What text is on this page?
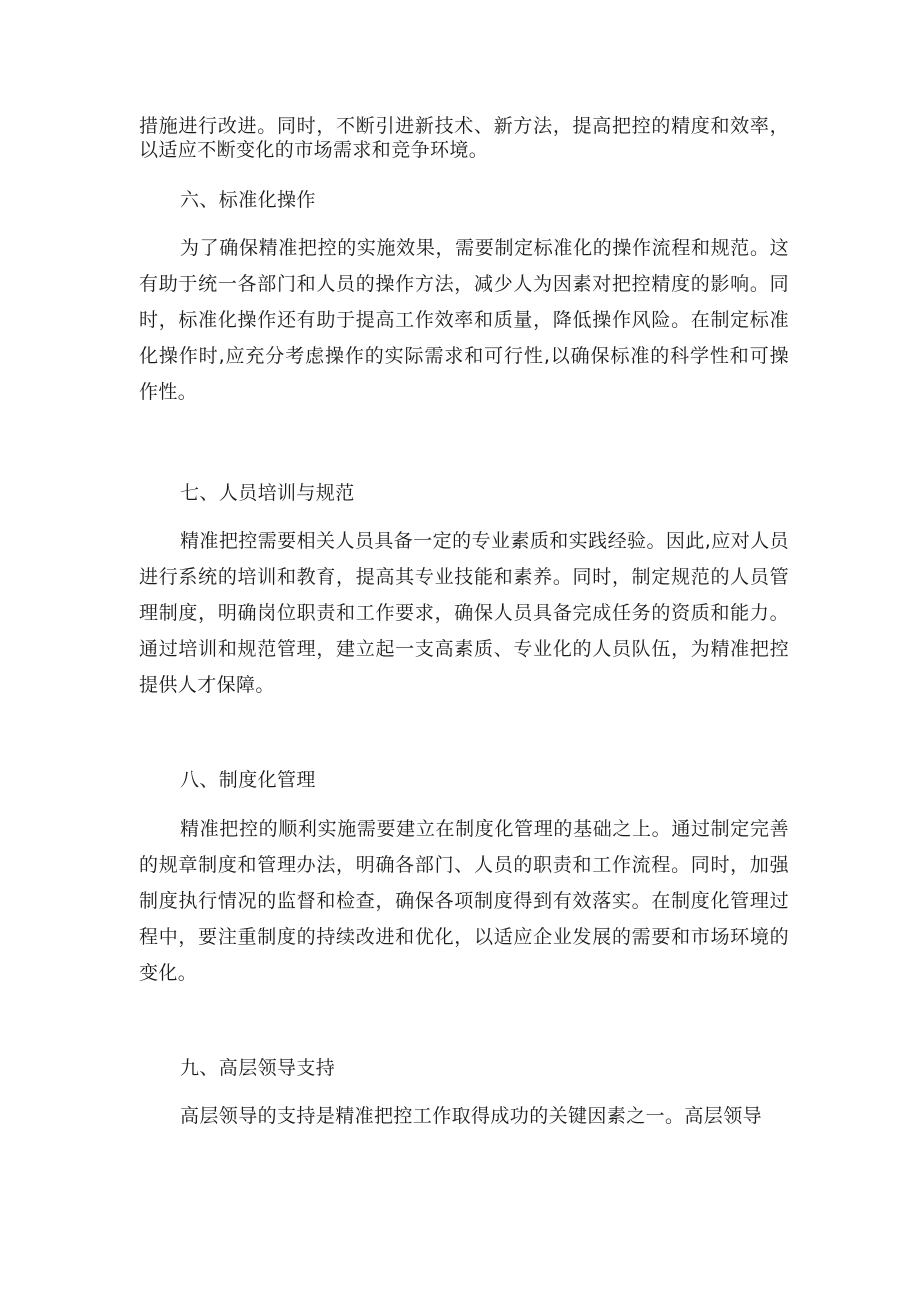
措施进行改进。同时，不断引进新技术、新方法，提高把控的精度和效率，以适应不断变化的市场需求和竞争环境。

六、标准化操作

为了确保精准把控的实施效果，需要制定标准化的操作流程和规范。这有助于统一各部门和人员的操作方法，减少人为因素对把控精度的影响。同时，标准化操作还有助于提高工作效率和质量，降低操作风险。在制定标准化操作时,应充分考虑操作的实际需求和可行性,以确保标准的科学性和可操作性。

七、人员培训与规范

精准把控需要相关人员具备一定的专业素质和实践经验。因此,应对人员进行系统的培训和教育，提高其专业技能和素养。同时，制定规范的人员管理制度，明确岗位职责和工作要求，确保人员具备完成任务的资质和能力。通过培训和规范管理，建立起一支高素质、专业化的人员队伍，为精准把控提供人才保障。

八、制度化管理

精准把控的顺利实施需要建立在制度化管理的基础之上。通过制定完善的规章制度和管理办法，明确各部门、人员的职责和工作流程。同时，加强制度执行情况的监督和检查，确保各项制度得到有效落实。在制度化管理过程中，要注重制度的持续改进和优化，以适应企业发展的需要和市场环境的变化。

九、高层领导支持

高层领导的支持是精准把控工作取得成功的关键因素之一。高层领导
